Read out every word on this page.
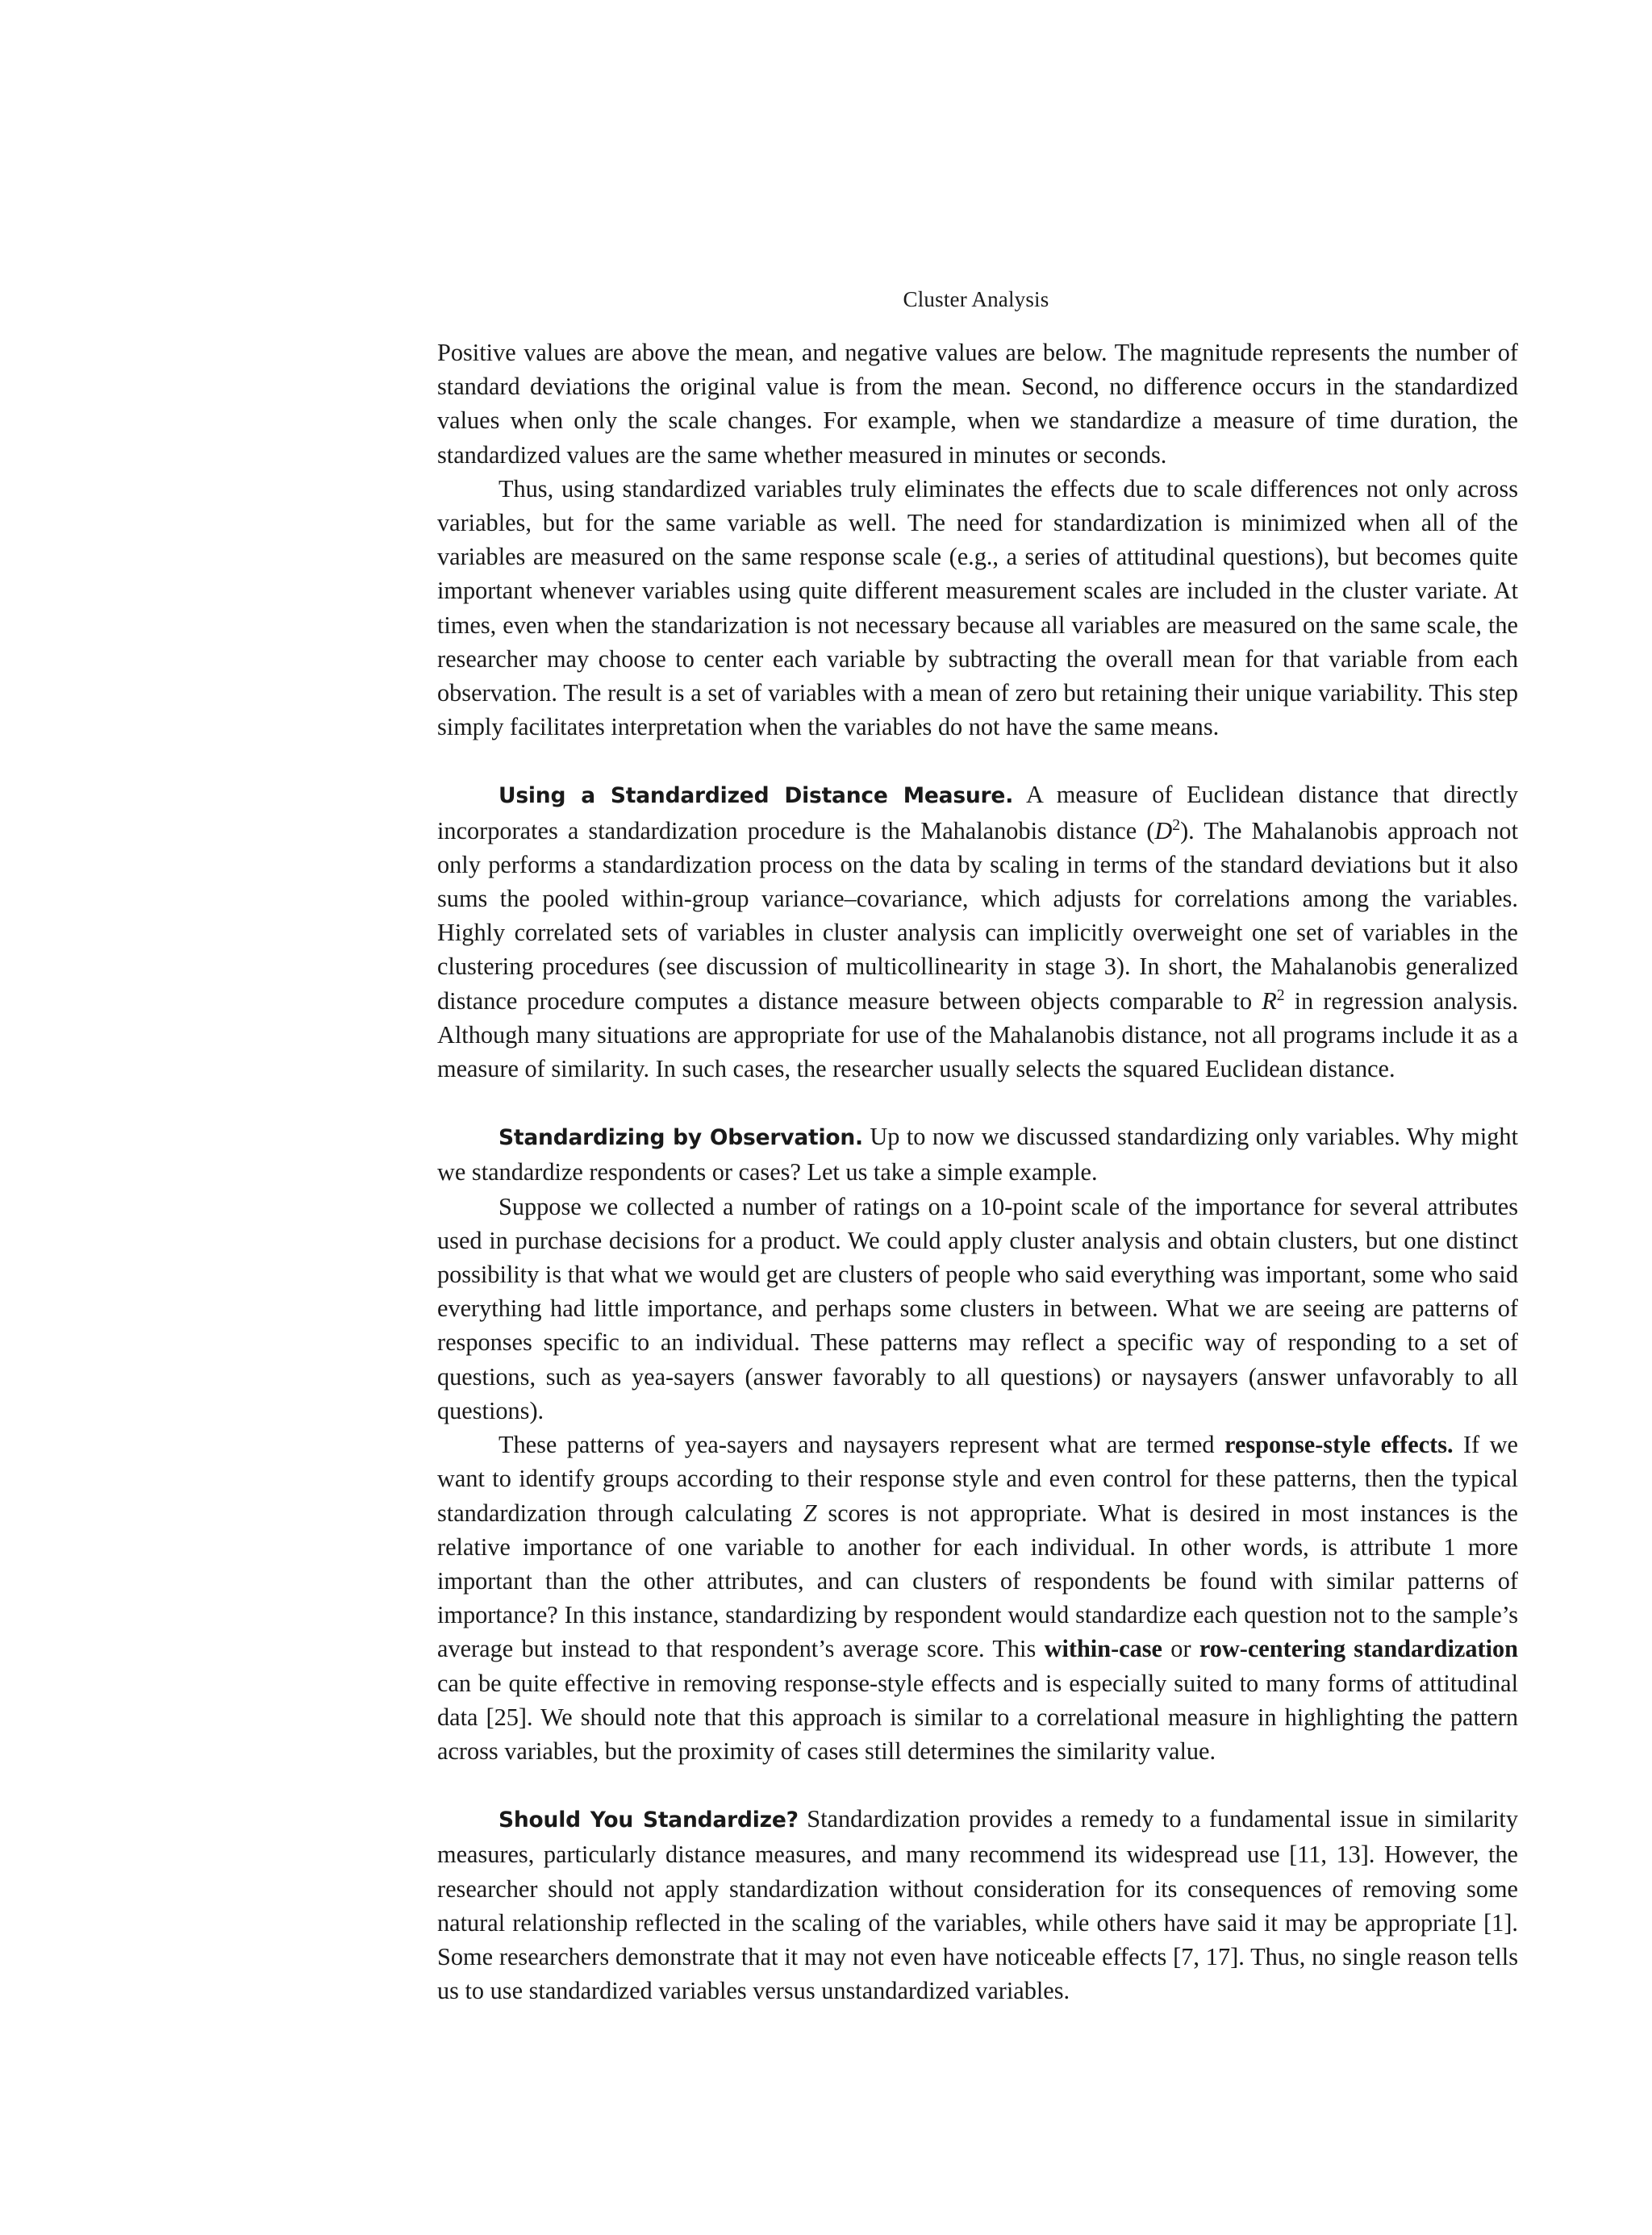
Cluster Analysis

Positive values are above the mean, and negative values are below. The magnitude represents the number of standard deviations the original value is from the mean. Second, no difference occurs in the standardized values when only the scale changes. For example, when we standardize a measure of time duration, the standardized values are the same whether measured in minutes or seconds.

Thus, using standardized variables truly eliminates the effects due to scale differences not only across variables, but for the same variable as well. The need for standardization is minimized when all of the variables are measured on the same response scale (e.g., a series of attitudinal questions), but becomes quite important whenever variables using quite different measurement scales are included in the cluster variate. At times, even when the standarization is not necessary because all variables are measured on the same scale, the researcher may choose to center each variable by subtracting the overall mean for that variable from each observation. The result is a set of variables with a mean of zero but retaining their unique variability. This step simply facilitates interpretation when the variables do not have the same means.

Using a Standardized Distance Measure. A measure of Euclidean distance that directly incorporates a standardization procedure is the Mahalanobis distance $(D^2)$. The Mahalanobis approach not only performs a standardization process on the data by scaling in terms of the standard deviations but it also sums the pooled within-group variance–covariance, which adjusts for correlations among the variables. Highly correlated sets of variables in cluster analysis can implicitly overweight one set of variables in the clustering procedures (see discussion of multicollinearity in stage 3). In short, the Mahalanobis generalized distance procedure computes a distance measure between objects comparable to $R^2$ in regression analysis. Although many situations are appropriate for use of the Mahalanobis distance, not all programs include it as a measure of similarity. In such cases, the researcher usually selects the squared Euclidean distance.

Standardizing by Observation. Up to now we discussed standardizing only variables. Why might we standardize respondents or cases? Let us take a simple example.

Suppose we collected a number of ratings on a 10-point scale of the importance for several attributes used in purchase decisions for a product. We could apply cluster analysis and obtain clusters, but one distinct possibility is that what we would get are clusters of people who said everything was important, some who said everything had little importance, and perhaps some clusters in between. What we are seeing are patterns of responses specific to an individual. These patterns may reflect a specific way of responding to a set of questions, such as yea-sayers (answer favorably to all questions) or naysayers (answer unfavorably to all questions).

These patterns of yea-sayers and naysayers represent what are termed response-style effects. If we want to identify groups according to their response style and even control for these patterns, then the typical standardization through calculating Z scores is not appropriate. What is desired in most instances is the relative importance of one variable to another for each individual. In other words, is attribute 1 more important than the other attributes, and can clusters of respondents be found with similar patterns of importance? In this instance, standardizing by respondent would standardize each question not to the sample’s average but instead to that respondent’s average score. This within-case or row-centering standardization can be quite effective in removing response-style effects and is especially suited to many forms of attitudinal data [25]. We should note that this approach is similar to a correlational measure in highlighting the pattern across variables, but the proximity of cases still determines the similarity value.

Should You Standardize? Standardization provides a remedy to a fundamental issue in similarity measures, particularly distance measures, and many recommend its widespread use [11, 13]. However, the researcher should not apply standardization without consideration for its consequences of removing some natural relationship reflected in the scaling of the variables, while others have said it may be appropriate [1]. Some researchers demonstrate that it may not even have noticeable effects [7, 17]. Thus, no single reason tells us to use standardized variables versus unstandardized variables.
